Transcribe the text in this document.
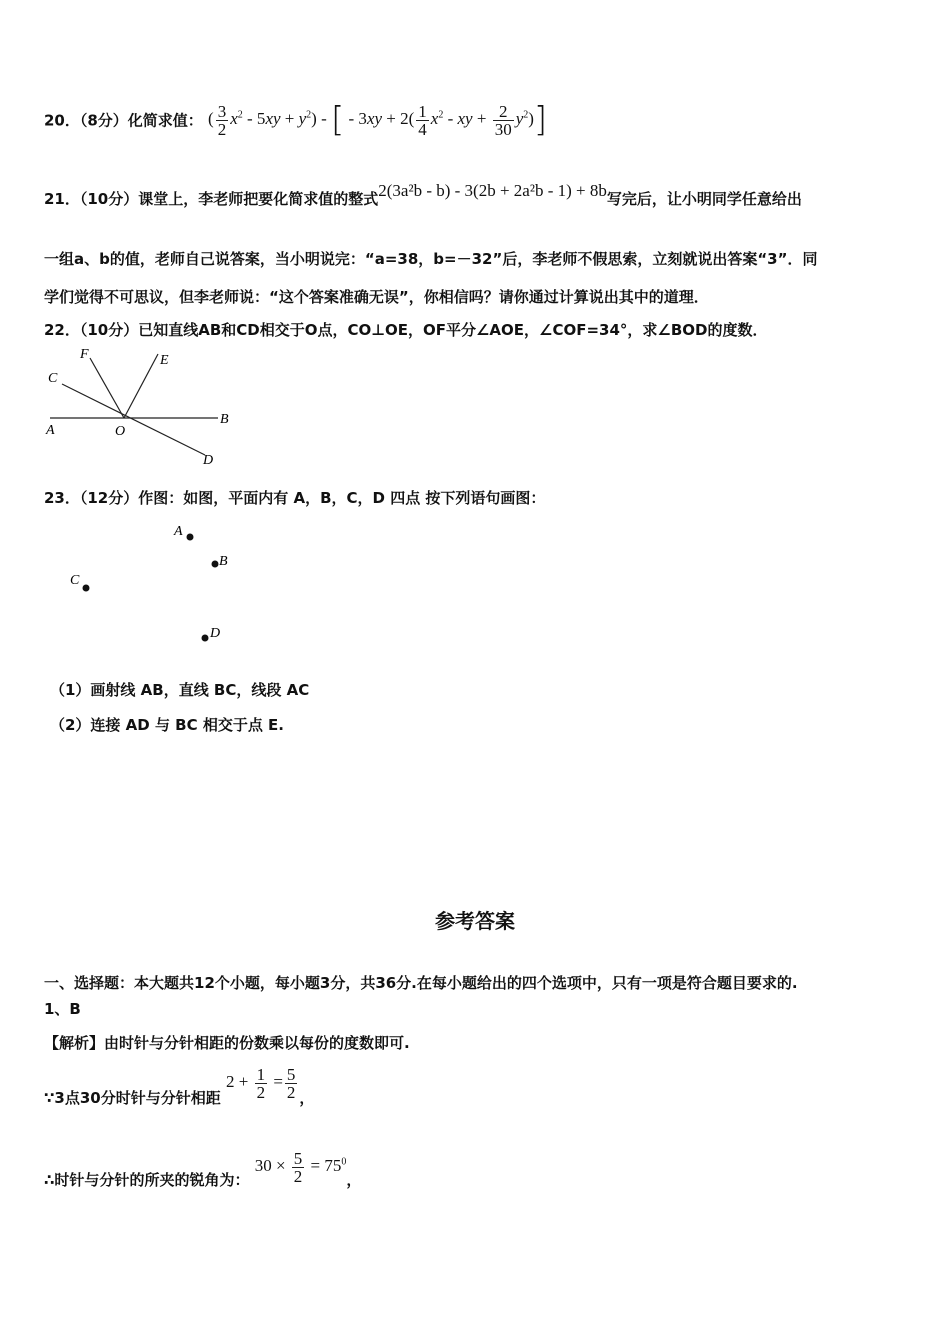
20．（8分）化简求值： ( $\frac{3}{2} x^2 - 5xy + y^2$) - [ - $3xy + 2( \frac{1}{4} x^2$ - xy + $\frac{2}{30} y^2$)]
21．（10分）课堂上，李老师把要化简求值的整式2(3a²b - b) - 3(2b + 2a²b - 1) + 8b写完后，让小明同学任意给出
一组a、b的值，老师自己说答案，当小明说完：“a=38，b=－32”后，李老师不假思索，立刻就说出答案“3”．同
学们觉得不可思议，但李老师说：“这个答案准确无误”，你相信吗？请你通过计算说出其中的道理．
22．（10分）已知直线AB和CD相交于O点，CO⊥OE，OF平分∠AOE，∠COF=34°，求∠BOD的度数．
F	E
C
B
A	O
D
23．（12分）作图：如图，平面内有 A，B，C，D 四点 按下列语句画图：
A
B
C
D
（1）画射线 AB，直线 BC，线段 AC
（2）连接 AD 与 BC 相交于点 E.
参考答案
一、选择题：本大题共12个小题，每小题3分，共36分.在每小题给出的四个选项中，只有一项是符合题目要求的.
1、B
【解析】由时针与分针相距的份数乘以每份的度数即可.
∵3点30分时针与分针相距 $2 + \frac{1}{2} = \frac{5}{2}$ ，
∴时针与分针的所夹的锐角为： $30 \times \frac{5}{2} = 75^0$，
